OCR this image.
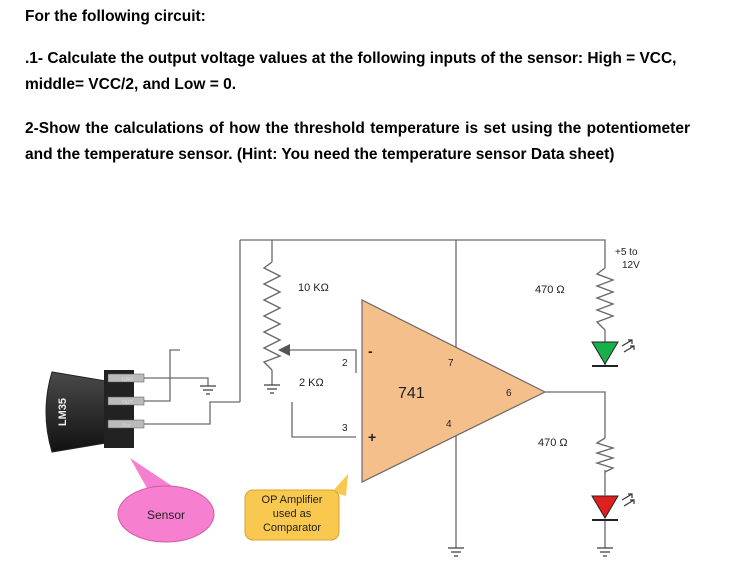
For the following circuit:

.1- Calculate the output voltage values at the following inputs of the sensor: High = VCC, middle= VCC/2, and Low = 0.

2-Show the calculations of how the threshold temperature is set using the potentiometer and the temperature sensor. (Hint: You need the temperature sensor Data sheet)

LM35
GND
OUT
Vcc
Sensor
OP Amplifier
used as
Comparator
10 KΩ
2 KΩ
470 Ω
470 Ω
+5 to
12V
2
3
7
4
6
741
-
+
